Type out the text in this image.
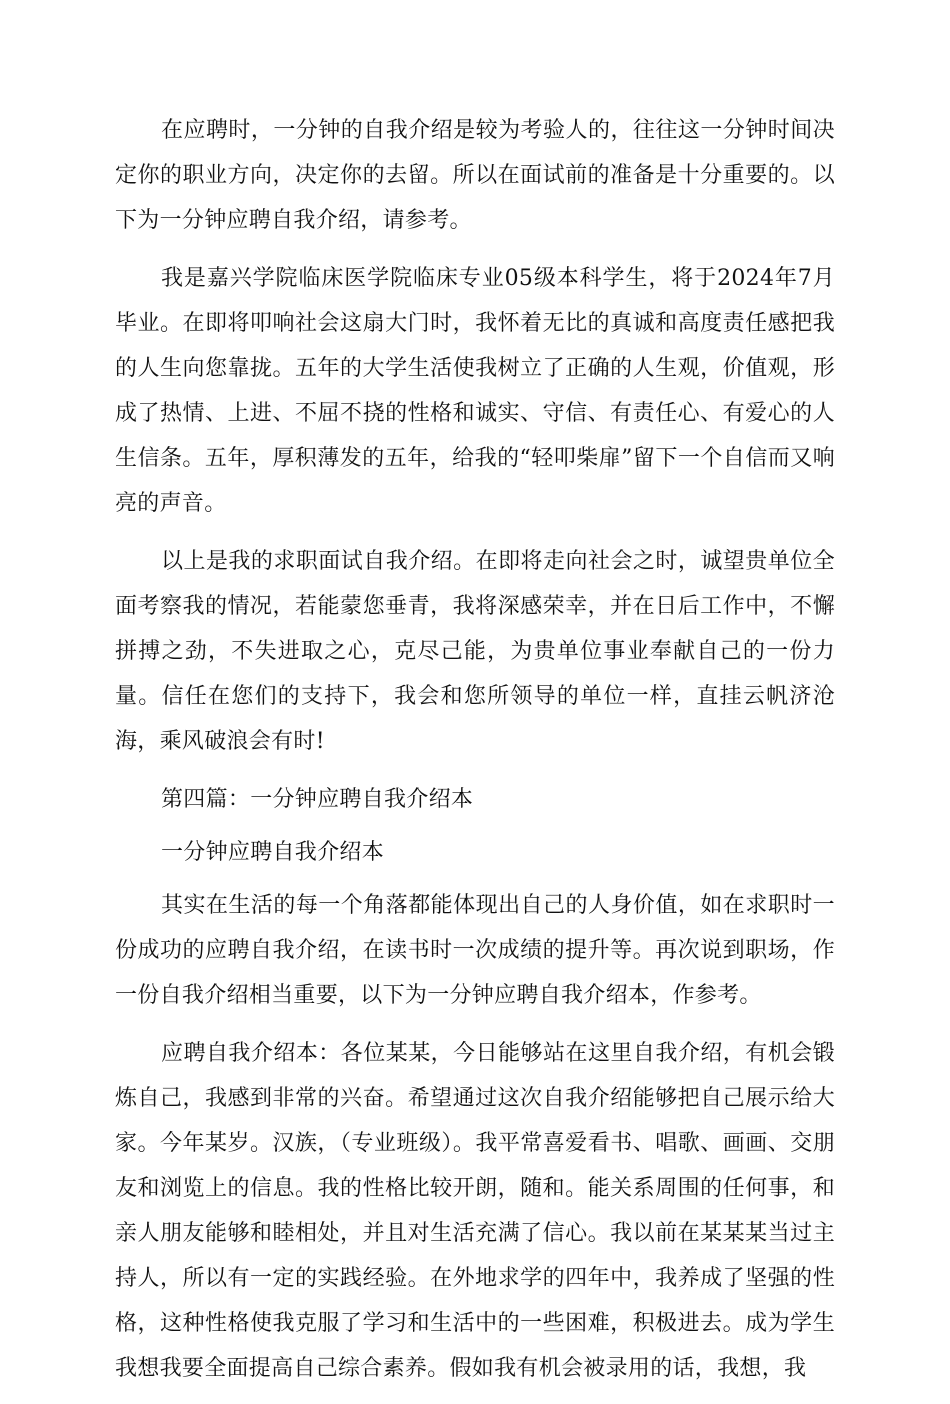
在应聘时，一分钟的自我介绍是较为考验人的，往往这一分钟时间决定你的职业方向，决定你的去留。所以在面试前的准备是十分重要的。以下为一分钟应聘自我介绍，请参考。

我是嘉兴学院临床医学院临床专业05级本科学生，将于2024年7月毕业。在即将叩响社会这扇大门时，我怀着无比的真诚和高度责任感把我的人生向您靠拢。五年的大学生活使我树立了正确的人生观，价值观，形成了热情、上进、不屈不挠的性格和诚实、守信、有责任心、有爱心的人生信条。五年，厚积薄发的五年，给我的“轻叩柴扉”留下一个自信而又响亮的声音。

以上是我的求职面试自我介绍。在即将走向社会之时，诚望贵单位全面考察我的情况，若能蒙您垂青，我将深感荣幸，并在日后工作中，不懈拼搏之劲，不失进取之心，克尽己能，为贵单位事业奉献自己的一份力量。信任在您们的支持下，我会和您所领导的单位一样，直挂云帆济沧海，乘风破浪会有时!

第四篇：一分钟应聘自我介绍本

一分钟应聘自我介绍本

其实在生活的每一个角落都能体现出自己的人身价值，如在求职时一份成功的应聘自我介绍，在读书时一次成绩的提升等。再次说到职场，作一份自我介绍相当重要，以下为一分钟应聘自我介绍本，作参考。

应聘自我介绍本：各位某某，今日能够站在这里自我介绍，有机会锻炼自己，我感到非常的兴奋。希望通过这次自我介绍能够把自己展示给大家。今年某岁。汉族，（专业班级）。我平常喜爱看书、唱歌、画画、交朋友和浏览上的信息。我的性格比较开朗，随和。能关系周围的任何事，和亲人朋友能够和睦相处，并且对生活充满了信心。我以前在某某某当过主持人，所以有一定的实践经验。在外地求学的四年中，我养成了坚强的性格，这种性格使我克服了学习和生活中的一些困难，积极进去。成为学生我想我要全面提高自己综合素养。假如我有机会被录用的话，我想，我
